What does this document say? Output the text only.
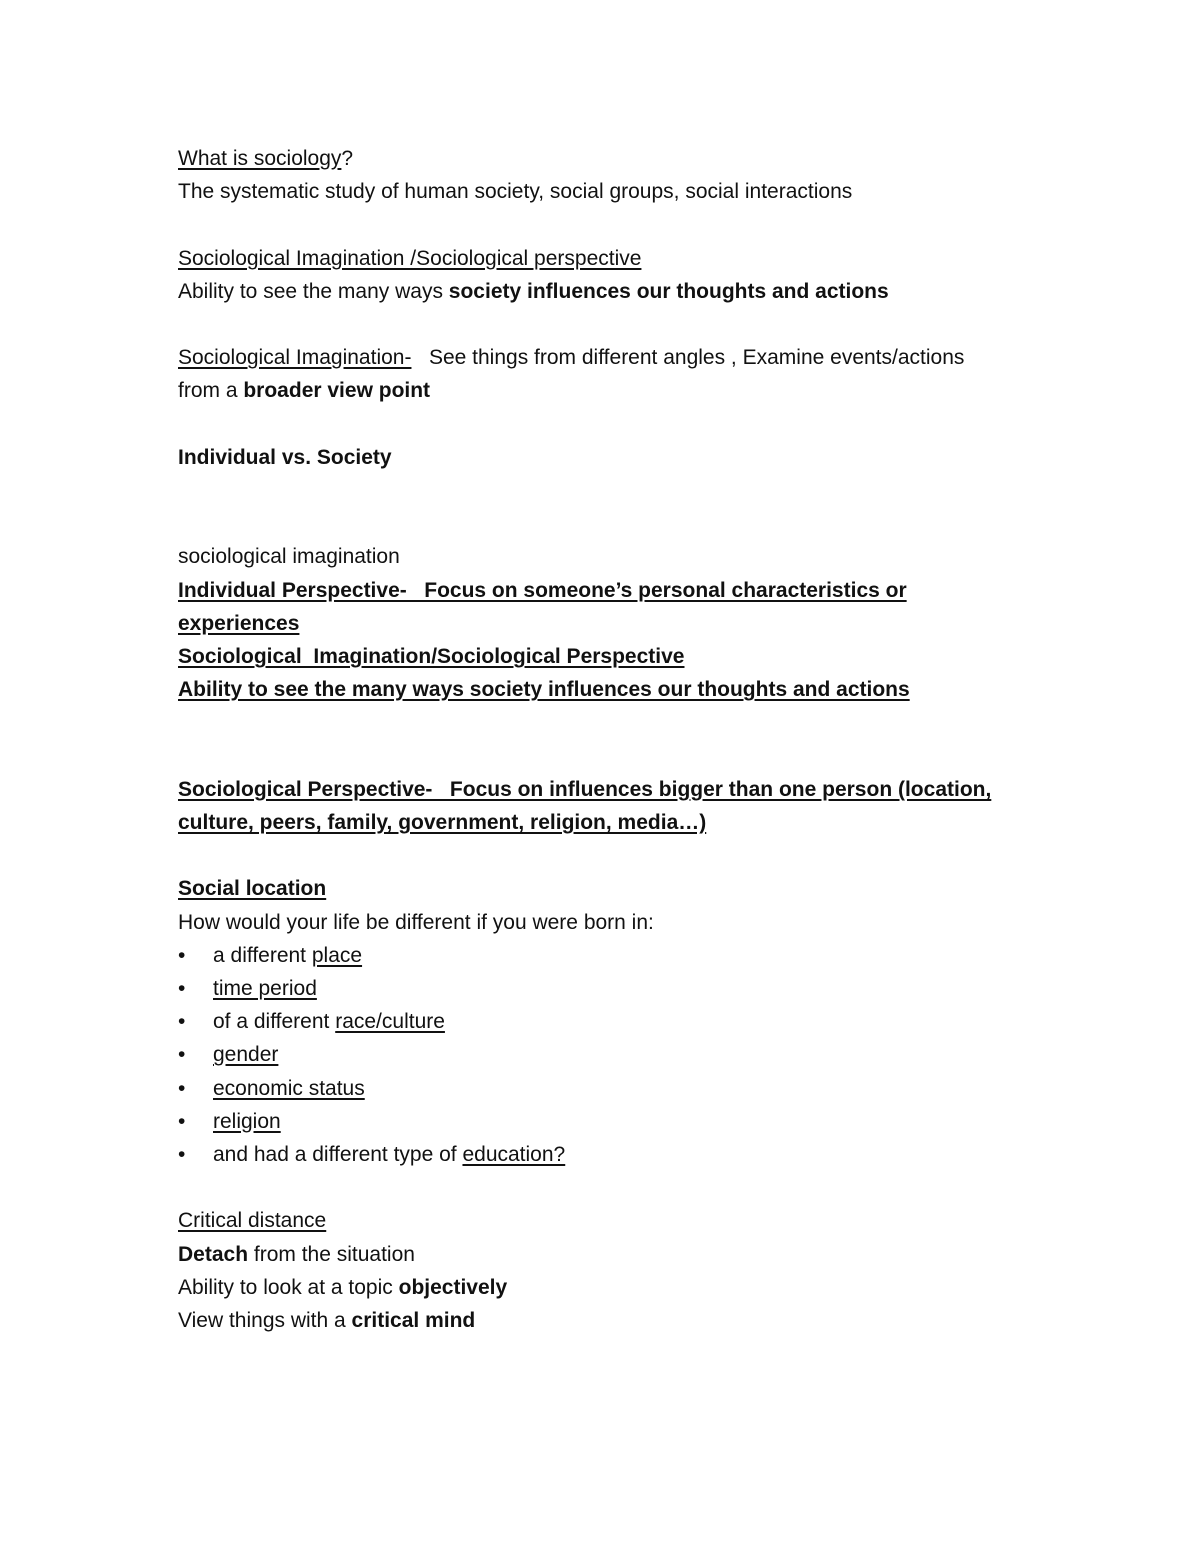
What is sociology?
The systematic study of human society, social groups, social interactions
Sociological Imagination /Sociological perspective
Ability to see the many ways society influences our thoughts and actions
Sociological Imagination-   See things from different angles , Examine events/actions
from a broader view point
Individual vs. Society
sociological imagination
Individual Perspective-   Focus on someone’s personal characteristics or
experiences
Sociological  Imagination/Sociological Perspective
Ability to see the many ways society influences our thoughts and actions
Sociological Perspective-   Focus on influences bigger than one person (location,
culture, peers, family, government, religion, media…)
Social location
How would your life be different if you were born in:
• a different place
• time period
• of a different race/culture
• gender
• economic status
• religion
• and had a different type of education?
Critical distance
Detach from the situation
Ability to look at a topic objectively
View things with a critical mind
